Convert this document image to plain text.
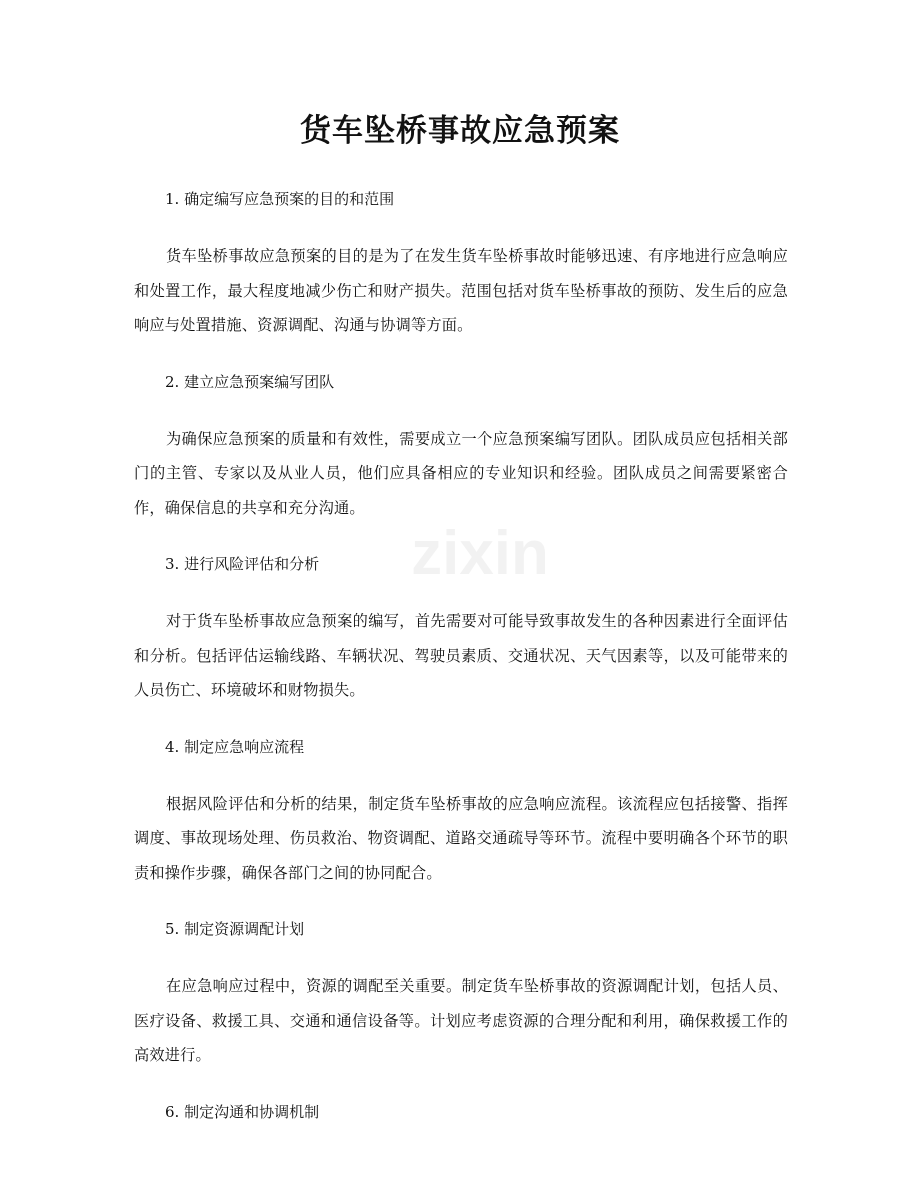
zixin
货车坠桥事故应急预案
1. 确定编写应急预案的目的和范围

货车坠桥事故应急预案的目的是为了在发生货车坠桥事故时能够迅速、有序地进行应急响应和处置工作，最大程度地减少伤亡和财产损失。范围包括对货车坠桥事故的预防、发生后的应急响应与处置措施、资源调配、沟通与协调等方面。

2. 建立应急预案编写团队

为确保应急预案的质量和有效性，需要成立一个应急预案编写团队。团队成员应包括相关部门的主管、专家以及从业人员，他们应具备相应的专业知识和经验。团队成员之间需要紧密合作，确保信息的共享和充分沟通。

3. 进行风险评估和分析

对于货车坠桥事故应急预案的编写，首先需要对可能导致事故发生的各种因素进行全面评估和分析。包括评估运输线路、车辆状况、驾驶员素质、交通状况、天气因素等，以及可能带来的人员伤亡、环境破坏和财物损失。

4. 制定应急响应流程

根据风险评估和分析的结果，制定货车坠桥事故的应急响应流程。该流程应包括接警、指挥调度、事故现场处理、伤员救治、物资调配、道路交通疏导等环节。流程中要明确各个环节的职责和操作步骤，确保各部门之间的协同配合。

5. 制定资源调配计划

在应急响应过程中，资源的调配至关重要。制定货车坠桥事故的资源调配计划，包括人员、医疗设备、救援工具、交通和通信设备等。计划应考虑资源的合理分配和利用，确保救援工作的高效进行。

6. 制定沟通和协调机制
